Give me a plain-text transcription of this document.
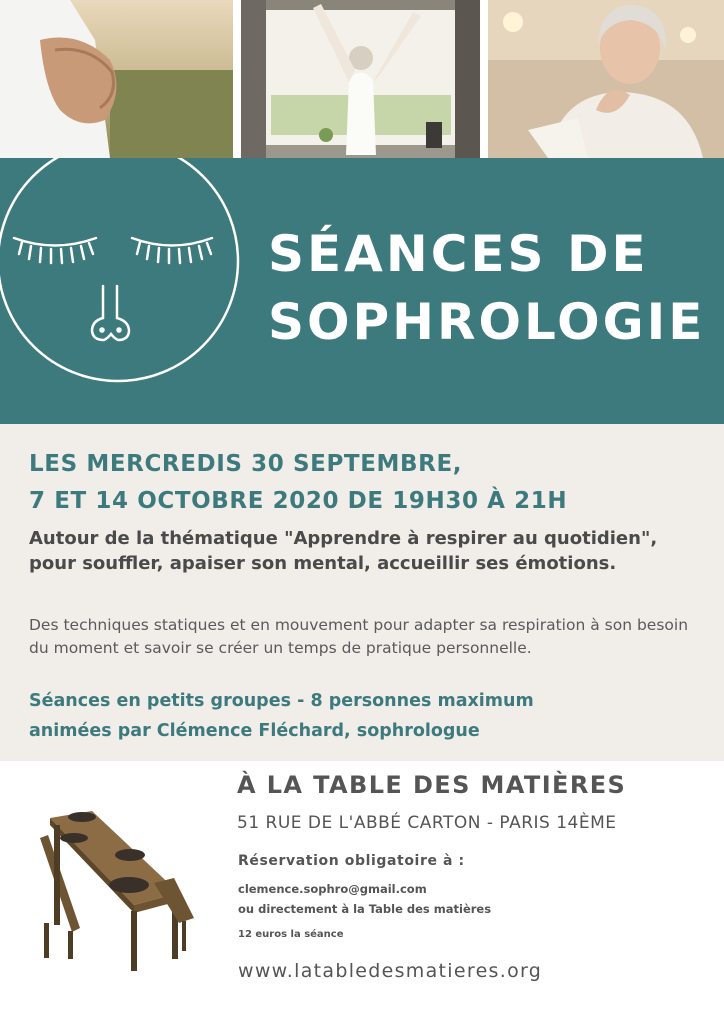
SÉANCES DE
SOPHROLOGIE

LES MERCREDIS 30 SEPTEMBRE,
7 ET 14 OCTOBRE 2020 DE 19H30 À 21H

Autour de la thématique "Apprendre à respirer au quotidien", pour souffler, apaiser son mental, accueillir ses émotions.

Des techniques statiques et en mouvement pour adapter sa respiration à son besoin du moment et savoir se créer un temps de pratique personnelle.

Séances en petits groupes - 8 personnes maximum
animées par Clémence Fléchard, sophrologue

À LA TABLE DES MATIÈRES

51 RUE DE L'ABBÉ CARTON - PARIS 14ÈME

Réservation obligatoire à :

clemence.sophro@gmail.com
ou directement à la Table des matières

12 euros la séance

www.latabledesmatieres.org
